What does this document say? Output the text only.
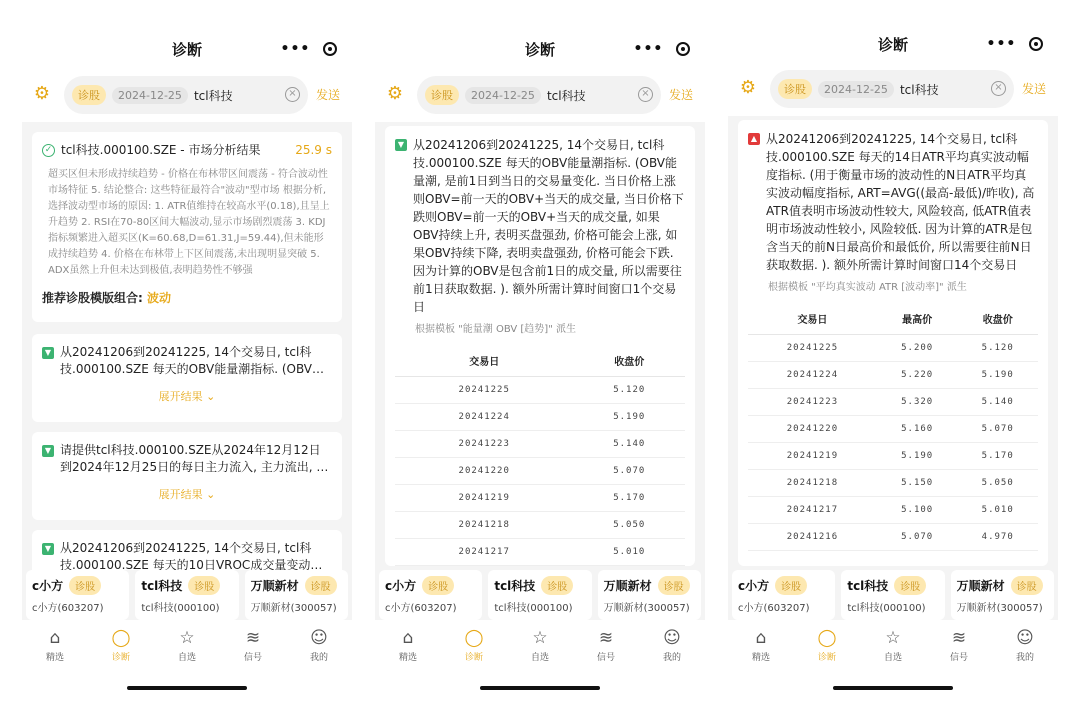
诊断	•••
⚙	诊股	2024-12-25	tcl科技	× 发送
✓ tcl科技.000100.SZE - 市场分析结果	25.9 s
超买区但未形成持续趋势 - 价格在布林带区间震荡 - 符合波动性市场特征 5. 结论整合: 这些特征最符合"波动"型市场 根据分析,选择波动型市场的原因: 1. ATR值维持在较高水平(0.18),且呈上升趋势 2. RSI在70-80区间大幅波动,显示市场剧烈震荡 3. KDJ指标频繁进入超买区(K=60.68,D=61.31,J=59.44),但未能形成持续趋势 4. 价格在布林带上下区间震荡,未出现明显突破 5. ADX虽然上升但未达到极值,表明趋势性不够强
推荐诊股模版组合: 波动
▼ 从20241206到20241225, 14个交易日, tcl科技.000100.SZE 每天的OBV能量潮指标. (OBV能
展开结果 ⌄
▼ 请提供tcl科技.000100.SZE从2024年12月12日到2024年12月25日的每日主力流入, 主力流出, 主
展开结果 ⌄
▼ 从20241206到20241225, 14个交易日, tcl科技.000100.SZE 每天的10日VROC成交量变动率
c小方	诊股
c小方(603207)
tcl科技	诊股
tcl科技(000100)
万顺新材	诊股
万顺新材(300057)
⌂
精选
◯
诊断
☆
自选
≋
信号
☺
我的
诊断	•••
⚙	诊股	2024-12-25	tcl科技	× 发送
▼ 从20241206到20241225, 14个交易日, tcl科技.000100.SZE 每天的OBV能量潮指标. (OBV能量潮, 是前1日到当日的交易量变化. 当日价格上涨则OBV=前一天的OBV+当天的成交量, 当日价格下跌则OBV=前一天的OBV+当天的成交量, 如果OBV持续上升, 表明买盘强劲, 价格可能会上涨, 如果OBV持续下降, 表明卖盘强劲, 价格可能会下跌. 因为计算的OBV是包含前1日的成交量, 所以需要往前1日获取数据. ). 额外所需计算时间窗口1个交易日
根据模板 "能量潮 OBV [趋势]" 派生
交易日	收盘价
20241225	5.120
20241224	5.190
20241223	5.140
20241220	5.070
20241219	5.170
20241218	5.050
20241217	5.010

c小方	诊股
c小方(603207)
tcl科技	诊股
tcl科技(000100)
万顺新材	诊股
万顺新材(300057)
⌂
精选
◯
诊断
☆
自选
≋
信号
☺
我的
诊断	•••
⚙	诊股	2024-12-25	tcl科技	× 发送
▲ 从20241206到20241225, 14个交易日, tcl科技.000100.SZE 每天的14日ATR平均真实波动幅度指标. (用于衡量市场的波动性的N日ATR平均真实波动幅度指标, ART=AVG((最高-最低)/昨收), 高ATR值表明市场波动性较大, 风险较高, 低ATR值表明市场波动性较小, 风险较低. 因为计算的ATR是包含当天的前N日最高价和最低价, 所以需要往前N日获取数据. ). 额外所需计算时间窗口14个交易日
根据模板 "平均真实波动 ATR [波动率]" 派生
交易日	最高价	收盘价
20241225	5.200	5.120
20241224	5.220	5.190
20241223	5.320	5.140
20241220	5.160	5.070
20241219	5.190	5.170
20241218	5.150	5.050
20241217	5.100	5.010
20241216	5.070	4.970
c小方	诊股
c小方(603207)
tcl科技	诊股
tcl科技(000100)
万顺新材	诊股
万顺新材(300057)
⌂
精选
◯
诊断
☆
自选
≋
信号
☺
我的
